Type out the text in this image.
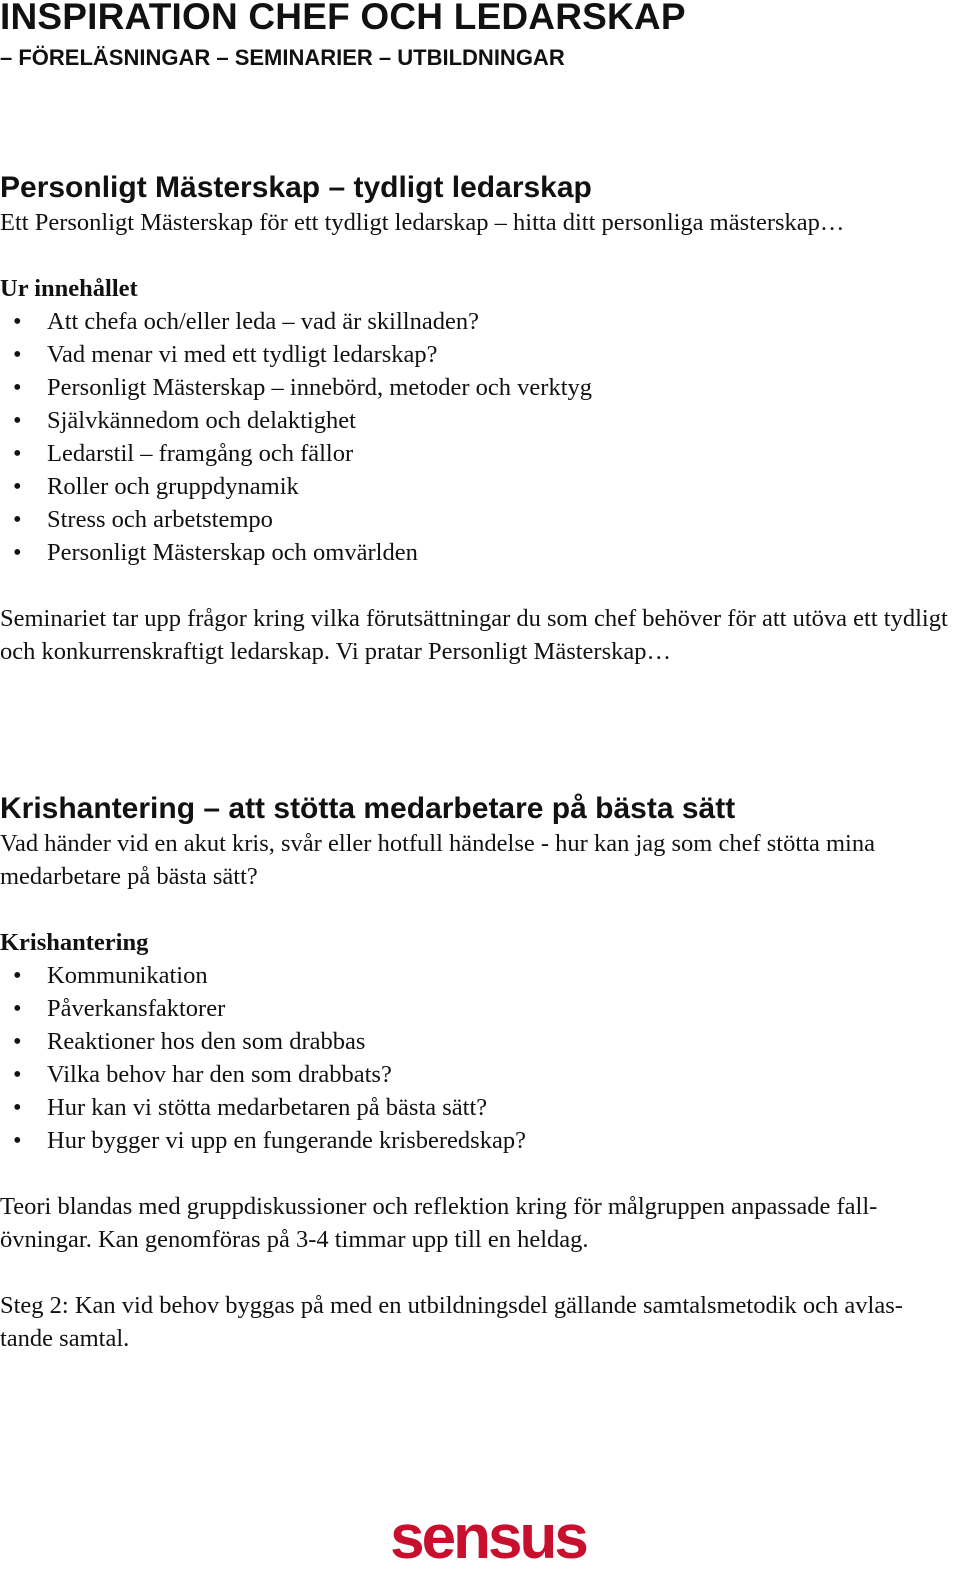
INSPIRATION CHEF OCH LEDARSKAP
– FÖRELÄSNINGAR – SEMINARIER – UTBILDNINGAR
Personligt Mästerskap – tydligt ledarskap

Ett Personligt Mästerskap för ett tydligt ledarskap – hitta ditt personliga mästerskap…

Ur innehållet

• Att chefa och/eller leda – vad är skillnaden?
• Vad menar vi med ett tydligt ledarskap?
• Personligt Mästerskap – innebörd, metoder och verktyg
• Självkännedom och delaktighet
• Ledarstil – framgång och fällor
• Roller och gruppdynamik
• Stress och arbetstempo
• Personligt Mästerskap och omvärlden

Seminariet tar upp frågor kring vilka förutsättningar du som chef behöver för att utöva ett tydligt och konkurrenskraftigt ledarskap. Vi pratar Personligt Mästerskap…

Krishantering – att stötta medarbetare på bästa sätt

Vad händer vid en akut kris, svår eller hotfull händelse - hur kan jag som chef stötta mina medarbetare på bästa sätt?

Krishantering

• Kommunikation
• Påverkansfaktorer
• Reaktioner hos den som drabbas
• Vilka behov har den som drabbats?
• Hur kan vi stötta medarbetaren på bästa sätt?
• Hur bygger vi upp en fungerande krisberedskap?

Teori blandas med gruppdiskussioner och reflektion kring för målgruppen anpassade fall-övningar. Kan genomföras på 3-4 timmar upp till en heldag.

Steg 2: Kan vid behov byggas på med en utbildningsdel gällande samtalsmetodik och avlas-tande samtal.

sensus
